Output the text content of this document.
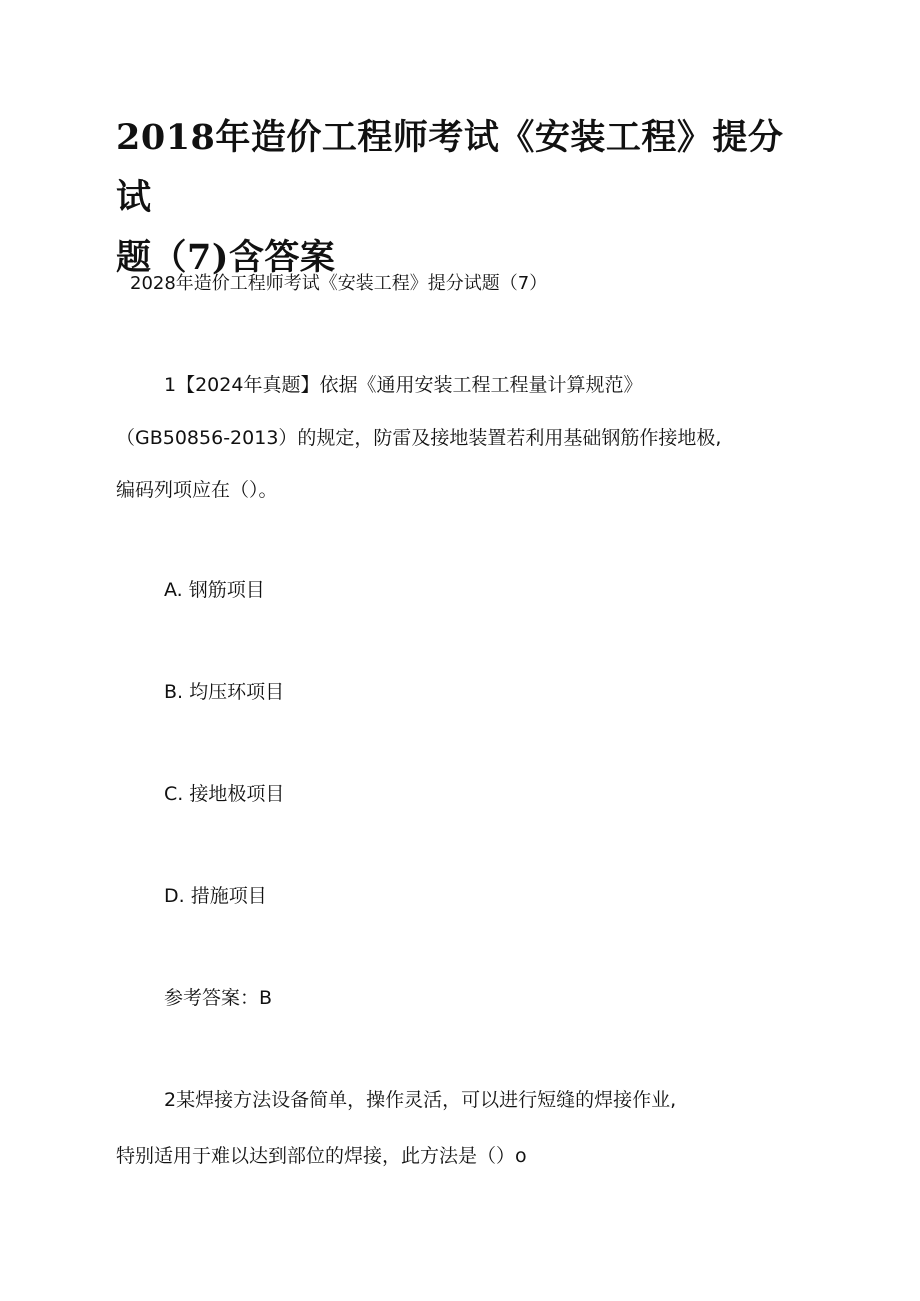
2018年造价工程师考试《安装工程》提分试
题（7)含答案
2028年造价工程师考试《安装工程》提分试题（7）
1【2024年真题】依据《通用安装工程工程量计算规范》
（GB50856-2013）的规定，防雷及接地装置若利用基础钢筋作接地极,
编码列项应在（）。
A. 钢筋项目
B. 均压环项目
C. 接地极项目
D. 措施项目
参考答案：B
2某焊接方法设备简单，操作灵活，可以进行短缝的焊接作业,
特别适用于难以达到部位的焊接，此方法是（）o
